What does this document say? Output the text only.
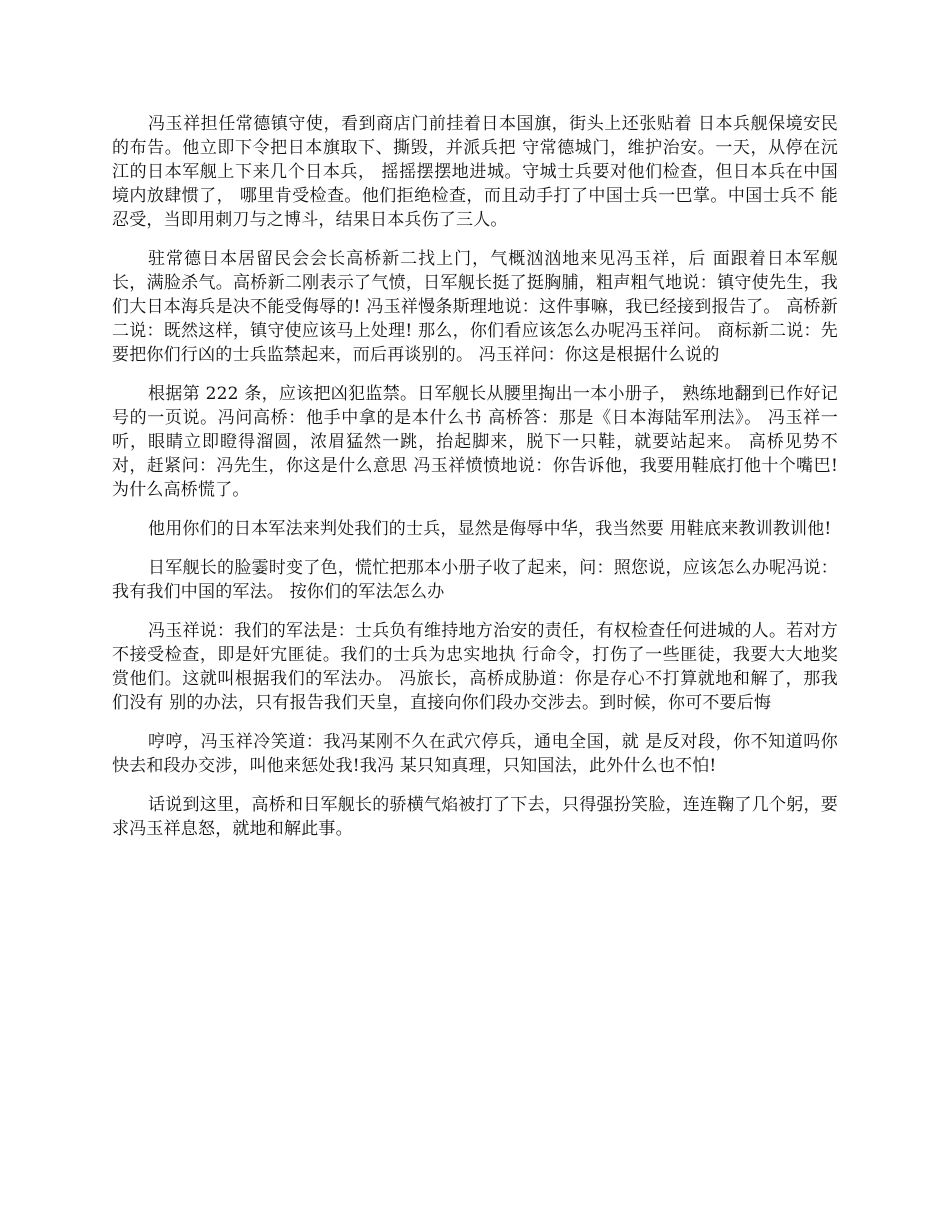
冯玉祥担任常德镇守使，看到商店门前挂着日本国旗，街头上还张贴着 日本兵舰保境安民的布告。他立即下令把日本旗取下、撕毁，并派兵把 守常德城门，维护治安。一天，从停在沅江的日本军舰上下来几个日本兵， 摇摇摆摆地进城。守城士兵要对他们检查，但日本兵在中国境内放肆惯了， 哪里肯受检查。他们拒绝检查，而且动手打了中国士兵一巴掌。中国士兵不 能忍受，当即用刺刀与之博斗，结果日本兵伤了三人。

驻常德日本居留民会会长高桥新二找上门，气概汹汹地来见冯玉祥，后 面跟着日本军舰长，满脸杀气。高桥新二刚表示了气愤，日军舰长挺了挺胸脯，粗声粗气地说：镇守使先生，我们大日本海兵是决不能受侮辱的! 冯玉祥慢条斯理地说：这件事嘛，我已经接到报告了。 高桥新二说：既然这样，镇守使应该马上处理! 那么，你们看应该怎么办呢冯玉祥问。 商标新二说：先要把你们行凶的士兵监禁起来，而后再谈别的。 冯玉祥问：你这是根据什么说的

根据第 222 条，应该把凶犯监禁。日军舰长从腰里掏出一本小册子， 熟练地翻到已作好记号的一页说。冯问高桥：他手中拿的是本什么书 高桥答：那是《日本海陆军刑法》。 冯玉祥一听，眼睛立即瞪得溜圆，浓眉猛然一跳，抬起脚来，脱下一只鞋，就要站起来。 高桥见势不对，赶紧问：冯先生，你这是什么意思 冯玉祥愤愤地说：你告诉他，我要用鞋底打他十个嘴巴! 为什么高桥慌了。

他用你们的日本军法来判处我们的士兵，显然是侮辱中华，我当然要 用鞋底来教训教训他!

日军舰长的脸霎时变了色，慌忙把那本小册子收了起来，问：照您说，应该怎么办呢冯说：我有我们中国的军法。 按你们的军法怎么办

冯玉祥说：我们的军法是：士兵负有维持地方治安的责任，有权检查任何进城的人。若对方不接受检查，即是奸宄匪徒。我们的士兵为忠实地执 行命令，打伤了一些匪徒，我要大大地奖赏他们。这就叫根据我们的军法办。 冯旅长，高桥成胁道：你是存心不打算就地和解了，那我们没有 别的办法，只有报告我们天皇，直接向你们段办交涉去。到时候，你可不要后悔

哼哼，冯玉祥冷笑道：我冯某刚不久在武穴停兵，通电全国，就 是反对段，你不知道吗你快去和段办交涉，叫他来惩处我!我冯 某只知真理，只知国法，此外什么也不怕!

话说到这里，高桥和日军舰长的骄横气焰被打了下去，只得强扮笑脸，连连鞠了几个躬，要求冯玉祥息怒，就地和解此事。
